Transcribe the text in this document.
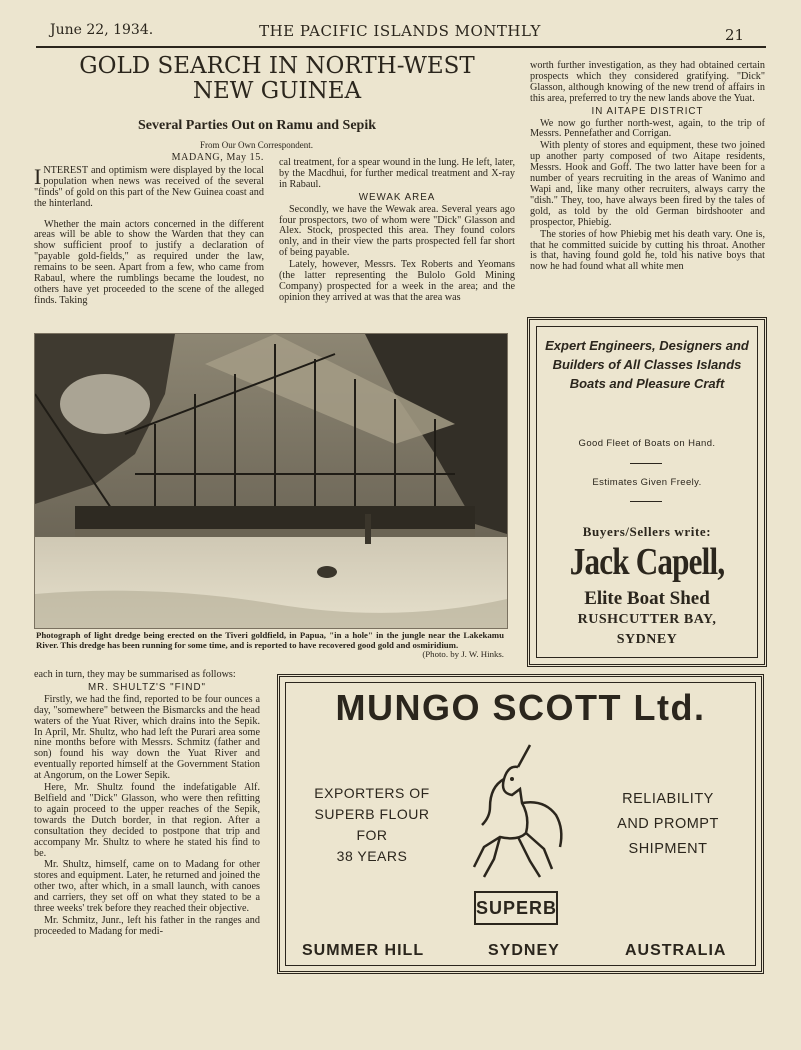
June 22, 1934.	THE PACIFIC ISLANDS MONTHLY	21
GOLD SEARCH IN NORTH-WEST
NEW GUINEA
Several Parties Out on Ramu and Sepik
From Our Own Correspondent.
MADANG, May 15.

INTEREST and optimism were displayed by the local population when news was received of the several "finds" of gold on this part of the New Guinea coast and the hinterland.

Whether the main actors concerned in the different areas will be able to show the Warden that they can show sufficient proof to justify a declaration of "payable gold-fields," as required under the law, remains to be seen. Apart from a few, who came from Rabaul, where the rumblings became the loudest, no others have yet proceeded to the scene of the alleged finds. Taking

cal treatment, for a spear wound in the lung. He left, later, by the Macdhui, for further medical treatment and X-ray in Rabaul.

WEWAK AREA

Secondly, we have the Wewak area. Several years ago four prospectors, two of whom were "Dick" Glasson and Alex. Stock, prospected this area. They found colors only, and in their view the parts prospected fell far short of being payable.

Lately, however, Messrs. Tex Roberts and Yeomans (the latter representing the Bulolo Gold Mining Company) prospected for a week in the area; and the opinion they arrived at was that the area was

worth further investigation, as they had obtained certain prospects which they considered gratifying. "Dick" Glasson, although knowing of the new trend of affairs in this area, preferred to try the new lands above the Yuat.

IN AITAPE DISTRICT

We now go further north-west, again, to the trip of Messrs. Pennefather and Corrigan.

With plenty of stores and equipment, these two joined up another party composed of two Aitape residents, Messrs. Hook and Goff. The two latter have been for a number of years recruiting in the areas of Wanimo and Wapi and, like many other recruiters, always carry the "dish." They, too, have always been fired by the tales of gold, as told by the old German birdshooter and prospector, Phiebig.

The stories of how Phiebig met his death vary. One is, that he committed suicide by cutting his throat. Another is that, having found gold he, told his native boys that now he had found what all white men

Photograph of light dredge being erected on the Tiveri goldfield, in Papua, "in a hole" in the jungle near the Lakekamu River. This dredge has been running for some time, and is reported to have recovered good gold and osmiridium.
(Photo. by J. W. Hinks.

each in turn, they may be summarised as follows:

MR. SHULTZ'S "FIND"

Firstly, we had the find, reported to be four ounces a day, "somewhere" between the Bismarcks and the head waters of the Yuat River, which drains into the Sepik. In April, Mr. Shultz, who had left the Purari area some nine months before with Messrs. Schmitz (father and son) found his way down the Yuat River and eventually reported himself at the Government Station at Angorum, on the Lower Sepik.

Here, Mr. Shultz found the indefatigable Alf. Belfield and "Dick" Glasson, who were then refitting to again proceed to the upper reaches of the Sepik, towards the Dutch border, in that region. After a consultation they decided to postpone that trip and accompany Mr. Shultz to where he stated his find to be.

Mr. Shultz, himself, came on to Madang for other stores and equipment. Later, he returned and joined the other two, after which, in a small launch, with canoes and carriers, they set off on what they stated to be a three weeks' trek before they reached their objective.

Mr. Schmitz, Junr., left his father in the ranges and proceeded to Madang for medi-

Expert Engineers, Designers and Builders of All Classes Islands Boats and Pleasure Craft
Good Fleet of Boats on Hand.
Estimates Given Freely.
Buyers/Sellers write:
Jack Capell,
Elite Boat Shed
RUSHCUTTER BAY,
SYDNEY
MUNGO SCOTT Ltd.
EXPORTERS OF
SUPERB FLOUR
FOR
38 YEARS
RELIABILITY
AND PROMPT
SHIPMENT
SUPERB
SUMMER HILL	SYDNEY	AUSTRALIA
